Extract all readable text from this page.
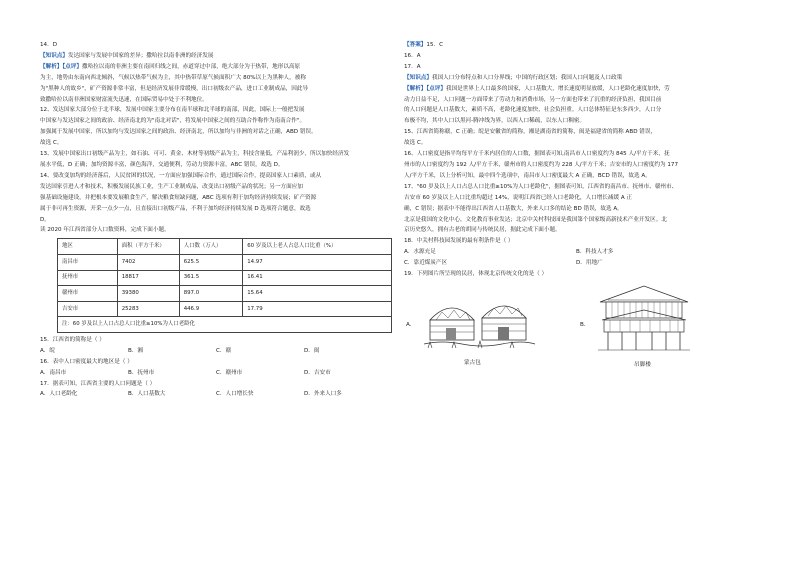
14．D

【知识点】发达国家与发展中国家的差异；撒哈拉以南非洲的经济发展

【解析】【点评】撒哈拉以南的非洲主要在南回归线之间，赤道穿过中部，绝大部分为于热带，地形以高原

为主，地势由东南向西北倾斜，气候以热带气候为主，其中热带草原气候面积广大 80%以上为黑种人，被称

为"黑种人的故乡"，矿产资源非常丰富，但是经济发展非常缓慢，出口初级农产品，进口工业制成品，因此导

致撒哈拉以南非洲国家财富流失迅速，在国际贸易中处于不利地位。

12、发达国家大部分位于北半球，发展中国家主要分布在南半球和北半球的南部，因此，国际上一般把发展

中国家与发达国家之间的政治、经济南北的为"南北对话"，将发展中国家之间的互助合作称作为南南合作"。

加强属于发展中国家，所以加均与发达国家之间的政治、经济南北，所以加均与非洲的对话之正确，ABD 错误。

故选 C。

13、发展中国家出口初级产品为主，如石油、可可、黄金、木材等初级产品为主，科技含量低，产品利润少，所以加快经济发

展水平低，D 正确；加均资源丰富，颜色海洋，交通便利，劳动力资源丰富，ABC 错误，故选 D。

14、要改变加均的经济落后，人民贫困的状况，一方面应加强国际合作，通过国际合作，提高国家人口素质，或从

发达国家引进人才和技术，积极发展民族工业，生产工业制成品，改变出口初级产品的状况；另一方面应加

强基础设施建设，并把根本要发展粮食生产，解决粮食短缺问题，ABC 选项有利于加均经济持续发展；矿产资源

属于非可再生资源，开采一点少一点，且直接出口初级产品，不利于加均经济持续发展 D 选项符合题意，故选

D。

读 2020 年江西省部分人口数资料，完成下面小题。

地区	面积（平方千米）	人口数（万人）	60 岁及以上老人占总人口比重（%）
南昌市	7402	625.5	14.97
抚州市	18817	361.5	16.41
赣州市	39380	897.0	15.64
吉安市	25283	446.9	17.79
注：60 岁及以上人口占总人口比重≥10%为人口老龄化			

15．江西省的简称是（ ）

A．皖	B．湘	C．赣	D．闽

16．表中人口密度最大的地区是（ ）

A．南昌市	B．抚州市	C．赣州市	D．吉安市

17．据表可知，江西省主要的人口问题是（ ）

A．人口老龄化	B．人口基数大	C．人口增长快	D．外来人口多

【答案】15．C

16．A

17．A

【知识点】我国人口分布特点和人口分界线；中国的行政区划；我国人口问题及人口政策

【解析】【点评】我国是世界上人口最多的国家，人口基数大，增长速度明显放缓，人口老龄化速度加快，劳

动力日益不足，人口问题一方面带来了劳动力和消费市场，另一方面也带来了沉重的经济负担，我国目前

的人口问题是人口基数大，素质不高，老龄化速度加快，社会负担重。人口总体特征是东多西少，人口分

布极不均，其中人口以黑河-腾冲线为界，以西人口稀疏，以东人口稠密。

15、江西省简称赣，C 正确；皖是安徽省的简称，湘是湖南省的简称，闽是福建省的简称 ABD 错误，

故选 C。

16、人口密度是指平均每平方千米内居住的人口数，据图表可知,南昌市人口密度约为 845 人/平方千米，抚

州市的人口密度约为 192 人/平方千米，赣州市的人口密度约为 228 人/平方千米；吉安市的人口密度约为 177

人/平方千米，以上分析可知，最中四个选项中，南昌市人口密度最大 A 正确，BCD 错误，故选 A。

17、"60 岁及以上人口占总人口比重≥10%为人口老龄化"，据图表可知，江西省的南昌市、抚州市、赣州市、

吉安市 60 岁及以上人口比重均超过 14%，说明江西省已经人口老龄化，人口增长减缓 A 正

确，C 错误；据表中不能得出江西省人口基数大，外来人口多的结论 BD 错误，故选 A。

北京是我国的文化中心，文化教育事业发达；北京中关村科技园是我国第个国家级高新技术产业开发区。北

京历史悠久，拥有古老的胡同与传统民居，据此完成下面小题。

18．中关村科技园发展的最有利条件是（ ）

A．水源充足	B．科技人才多

C．靠近煤炭产区	D．用地广

19．下列图片所呈现的民居，体现北京传统文化的是（ ）

A．
蒙古包
B．
吊脚楼
